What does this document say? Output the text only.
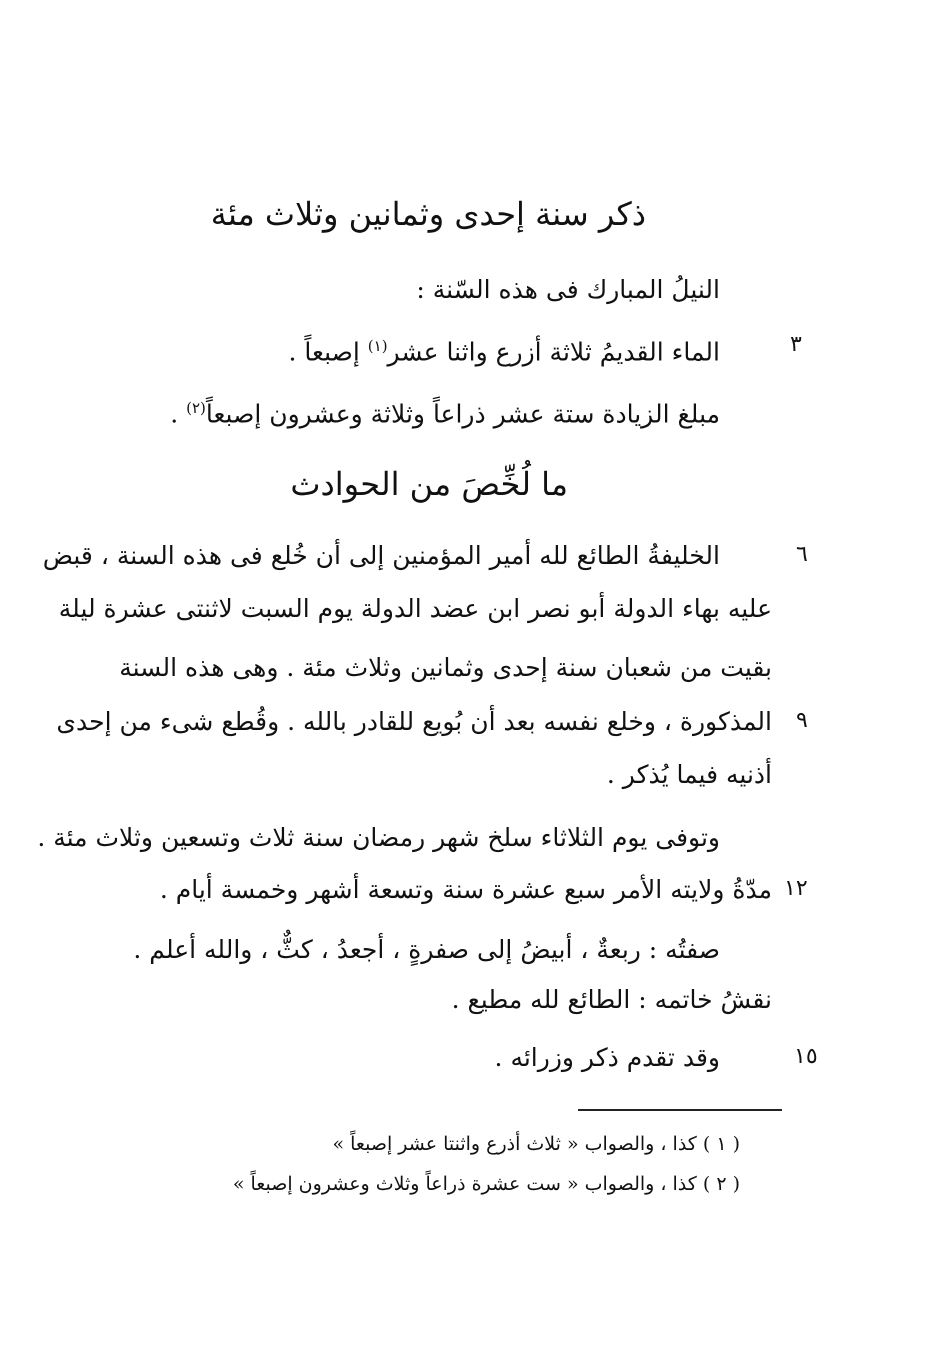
ذكر سنة إحدى وثمانين وثلاث مئة
النيلُ المبارك فى هذه السّنة :
٣
الماء القديمُ ثلاثة أزرع واثنا عشر$^{(١)}$ إصبعاً .
مبلغ الزيادة ستة عشر ذراعاً وثلاثة وعشرون إصبعاً$^{(٢)}$ .
ما لُخِّصَ من الحوادث
٦
الخليفةُ الطائع لله أمير المؤمنين إلى أن خُلع فى هذه السنة ، قبض
عليه بهاء الدولة أبو نصر ابن عضد الدولة يوم السبت لاثنتى عشرة ليلة
بقيت من شعبان سنة إحدى وثمانين وثلاث مئة . وهى هذه السنة
٩
المذكورة ، وخلع نفسه بعد أن بُويع للقادر بالله . وقُطع شىء من إحدى
أذنيه فيما يُذكر .
وتوفى يوم الثلاثاء سلخ شهر رمضان سنة ثلاث وتسعين وثلاث مئة .
١٢
مدّةُ ولايته الأمر سبع عشرة سنة وتسعة أشهر وخمسة أيام .
صفتُه : ربعةٌ ، أبيضُ إلى صفرةٍ ، أجعدُ ، كثٌّ ، والله أعلم .
نقشُ خاتمه : الطائع لله مطيع .
١٥
وقد تقدم ذكر وزرائه .
( ١ ) كذا ، والصواب « ثلاث أذرع واثنتا عشر إصبعاً »
( ٢ ) كذا ، والصواب « ست عشرة ذراعاً وثلاث وعشرون إصبعاً »
